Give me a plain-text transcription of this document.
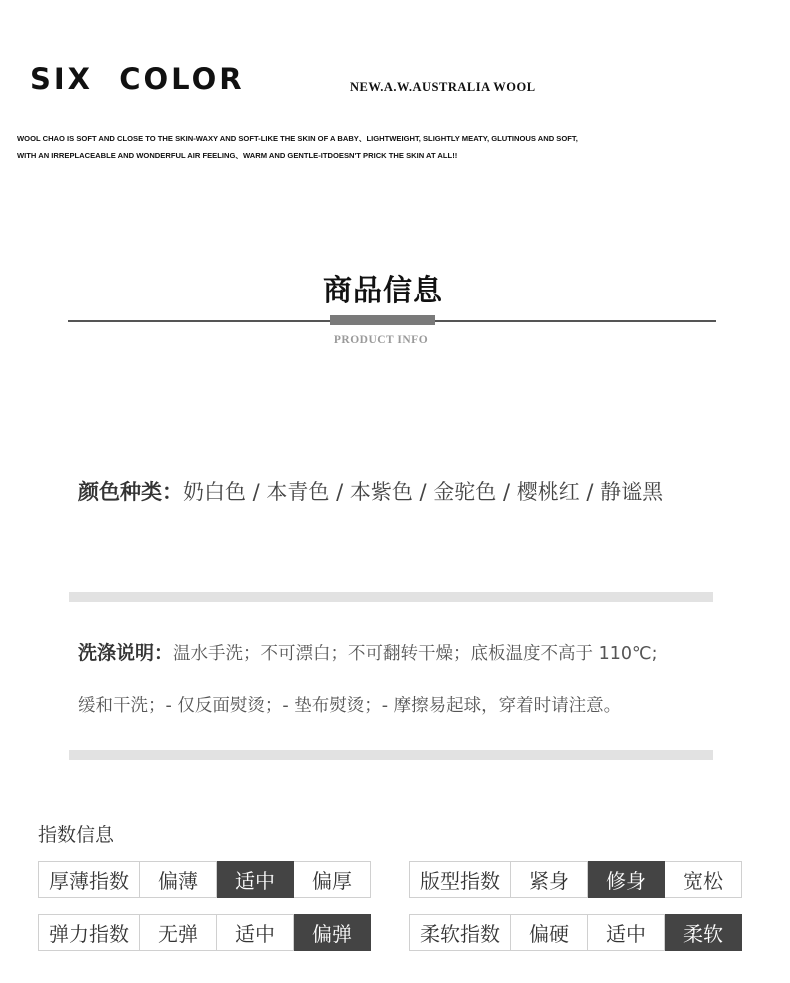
SIX  COLOR	NEW.A.W.AUSTRALIA WOOL
WOOL CHAO IS SOFT AND CLOSE TO THE SKIN-WAXY AND SOFT-LIKE THE SKIN OF A BABY、LIGHTWEIGHT, SLIGHTLY MEATY, GLUTINOUS AND SOFT,
WITH AN IRREPLACEABLE AND WONDERFUL AIR FEELING、WARM AND GENTLE-ITDOESN'T PRICK THE SKIN AT ALL!!
商品信息
PRODUCT INFO
颜色种类：奶白色 / 本青色 / 本紫色 / 金驼色 / 樱桃红 / 静谧黑
洗涤说明：温水手洗；不可漂白；不可翻转干燥；底板温度不高于 110℃;
缓和干洗；- 仅反面熨烫；- 垫布熨烫；- 摩擦易起球，穿着时请注意。
指数信息
厚薄指数	偏薄	适中	偏厚	版型指数	紧身	修身	宽松
弹力指数	无弹	适中	偏弹	柔软指数	偏硬	适中	柔软
